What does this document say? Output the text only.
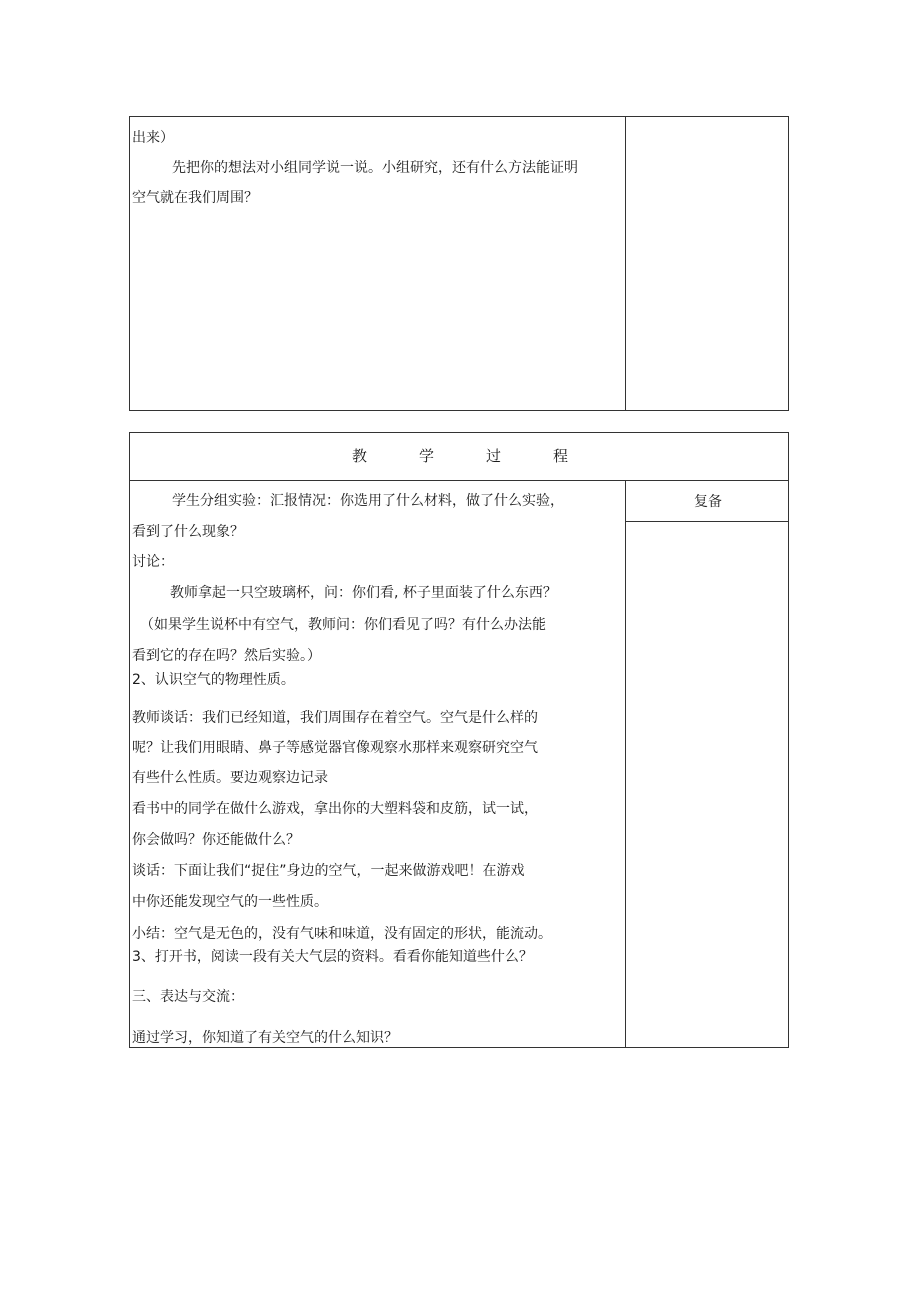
出来）
先把你的想法对小组同学说一说。小组研究，还有什么方法能证明
空气就在我们周围？
教	学	过	程
复备
学生分组实验：汇报情况：你选用了什么材料，做了什么实验，
看到了什么现象？
讨论：
教师拿起一只空玻璃杯，问：你们看, 杯子里面装了什么东西？
（如果学生说杯中有空气，教师问：你们看见了吗？有什么办法能
看到它的存在吗？然后实验。）
2、认识空气的物理性质。
教师谈话：我们已经知道，我们周围存在着空气。空气是什么样的
呢？让我们用眼睛、鼻子等感觉器官像观察水那样来观察研究空气
有些什么性质。要边观察边记录
看书中的同学在做什么游戏，拿出你的大塑料袋和皮筋，试一试，
你会做吗？你还能做什么？
谈话：下面让我们“捉住”身边的空气，一起来做游戏吧！在游戏
中你还能发现空气的一些性质。
小结：空气是无色的，没有气味和味道，没有固定的形状，能流动。
3、打开书，阅读一段有关大气层的资料。看看你能知道些什么？
三、表达与交流：
通过学习，你知道了有关空气的什么知识？
